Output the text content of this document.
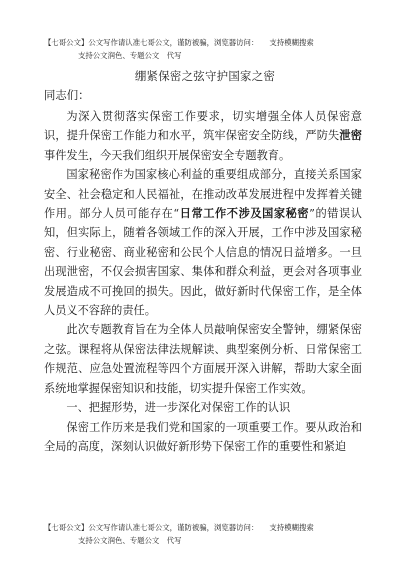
【七哥公文】公文写作请认准七哥公文，谨防被骗，浏览器访问：　　支持模糊搜索
支持公文润色、专题公文　代写
绷紧保密之弦守护国家之密
同志们：

为深入贯彻落实保密工作要求，切实增强全体人员保密意识，提升保密工作能力和水平，筑牢保密安全防线，严防失泄密事件发生，今天我们组织开展保密安全专题教育。

国家秘密作为国家核心利益的重要组成部分，直接关系国家安全、社会稳定和人民福祉，在推动改革发展进程中发挥着关键作用。部分人员可能存在“日常工作不涉及国家秘密”的错误认知，但实际上，随着各领域工作的深入开展，工作中涉及国家秘密、行业秘密、商业秘密和公民个人信息的情况日益增多。一旦出现泄密，不仅会损害国家、集体和群众利益，更会对各项事业发展造成不可挽回的损失。因此，做好新时代保密工作，是全体人员义不容辞的责任。

此次专题教育旨在为全体人员敲响保密安全警钟，绷紧保密之弦。课程将从保密法律法规解读、典型案例分析、日常保密工作规范、应急处置流程等四个方面展开深入讲解，帮助大家全面系统地掌握保密知识和技能，切实提升保密工作实效。

一、把握形势，进一步深化对保密工作的认识

保密工作历来是我们党和国家的一项重要工作。要从政治和全局的高度，深刻认识做好新形势下保密工作的重要性和紧迫

【七哥公文】公文写作请认准七哥公文，谨防被骗，浏览器访问：　　支持模糊搜索
支持公文润色、专题公文　代写
